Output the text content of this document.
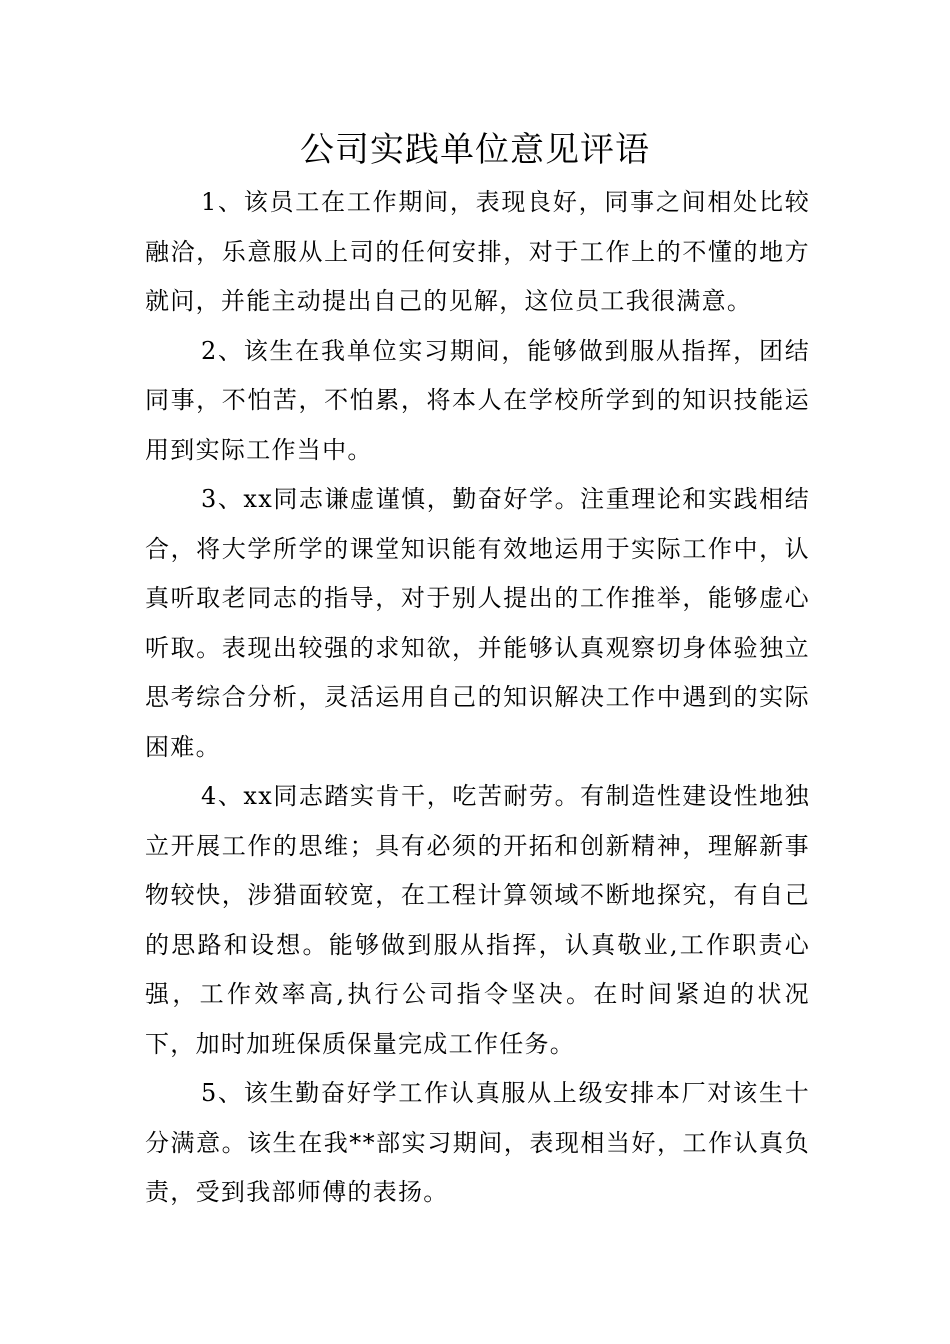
公司实践单位意见评语

1、该员工在工作期间，表现良好，同事之间相处比较融洽，乐意服从上司的任何安排，对于工作上的不懂的地方就问，并能主动提出自己的见解，这位员工我很满意。

2、该生在我单位实习期间，能够做到服从指挥，团结同事，不怕苦，不怕累，将本人在学校所学到的知识技能运用到实际工作当中。

3、xx同志谦虚谨慎，勤奋好学。注重理论和实践相结合，将大学所学的课堂知识能有效地运用于实际工作中，认真听取老同志的指导，对于别人提出的工作推举，能够虚心听取。表现出较强的求知欲，并能够认真观察切身体验独立思考综合分析，灵活运用自己的知识解决工作中遇到的实际困难。

4、xx同志踏实肯干，吃苦耐劳。有制造性建设性地独立开展工作的思维；具有必须的开拓和创新精神，理解新事物较快，涉猎面较宽，在工程计算领域不断地探究，有自己的思路和设想。能够做到服从指挥，认真敬业,工作职责心强，工作效率高,执行公司指令坚决。在时间紧迫的状况下，加时加班保质保量完成工作任务。

5、该生勤奋好学工作认真服从上级安排本厂对该生十分满意。该生在我**部实习期间，表现相当好，工作认真负责，受到我部师傅的表扬。
